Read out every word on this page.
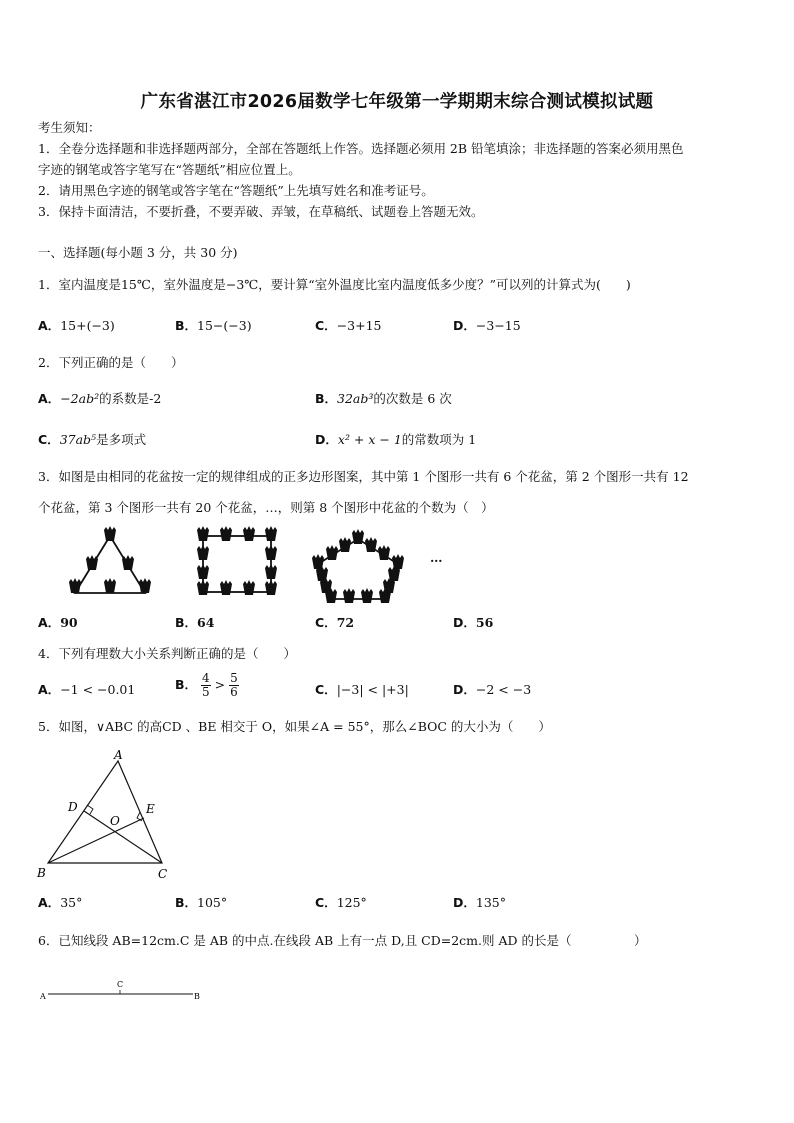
广东省湛江市2026届数学七年级第一学期期末综合测试模拟试题
考生须知：
1．全卷分选择题和非选择题两部分，全部在答题纸上作答。选择题必须用 2B 铅笔填涂；非选择题的答案必须用黑色
字迹的钢笔或答字笔写在“答题纸”相应位置上。
2．请用黑色字迹的钢笔或答字笔在“答题纸”上先填写姓名和准考证号。
3．保持卡面清洁，不要折叠，不要弄破、弄皱，在草稿纸、试题卷上答题无效。
一、选择题(每小题 3 分，共 30 分)
1．室内温度是15℃，室外温度是−3℃，要计算“室外温度比室内温度低多少度？”可以列的计算式为(　　)
A．15+(−3)	B．15−(−3)	C．−3+15	D．−3−15
2．下列正确的是（　　）
A．−2ab²的系数是-2	B．32ab³的次数是 6 次
C．37ab⁵是多项式	D．x² + x − 1的常数项为 1
3．如图是由相同的花盆按一定的规律组成的正多边形图案，其中第 1 个图形一共有 6 个花盆，第 2 个图形一共有 12
个花盆，第 3 个图形一共有 20 个花盆，…，则第 8 个图形中花盆的个数为（　）
…
A．90	B．64	C．72	D．56
4．下列有理数大小关系判断正确的是（　　）
A．−1 < −0.01	B． $\frac{4}{5} > \frac{5}{6}$	C．|−3| < |+3|	D．−2 < −3
5．如图，∨ABC 的高CD 、BE 相交于 O，如果∠A = 55°，那么∠BOC 的大小为（　　）
A
B	C
D	E
O
A．35°	B．105°	C．125°	D．135°
6．已知线段 AB=12cm.C 是 AB 的中点.在线段 AB 上有一点 D,且 CD=2cm.则 AD 的长是（　　　　　）
A
C
B
